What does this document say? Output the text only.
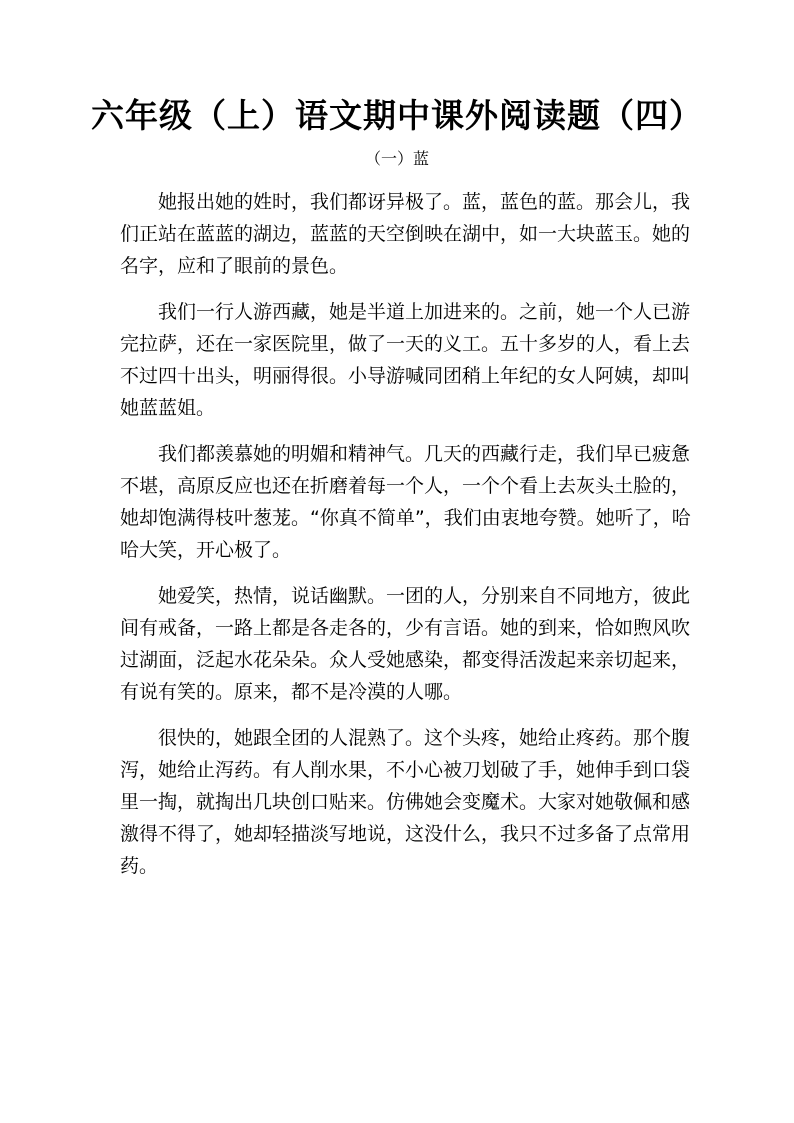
六年级（上）语文期中课外阅读题（四）
（一）蓝

她报出她的姓时，我们都讶异极了。蓝，蓝色的蓝。那会儿，我
们正站在蓝蓝的湖边，蓝蓝的天空倒映在湖中，如一大块蓝玉。她的
名字，应和了眼前的景色。

我们一行人游西藏，她是半道上加进来的。之前，她一个人已游
完拉萨，还在一家医院里，做了一天的义工。五十多岁的人，看上去
不过四十出头，明丽得很。小导游喊同团稍上年纪的女人阿姨，却叫
她蓝蓝姐。

我们都羡慕她的明媚和精神气。几天的西藏行走，我们早已疲惫
不堪，高原反应也还在折磨着每一个人，一个个看上去灰头土脸的，
她却饱满得枝叶葱茏。“你真不简单”，我们由衷地夸赞。她听了，哈
哈大笑，开心极了。

她爱笑，热情，说话幽默。一团的人，分别来自不同地方，彼此
间有戒备，一路上都是各走各的，少有言语。她的到来，恰如煦风吹
过湖面，泛起水花朵朵。众人受她感染，都变得活泼起来亲切起来，
有说有笑的。原来，都不是冷漠的人哪。

很快的，她跟全团的人混熟了。这个头疼，她给止疼药。那个腹
泻，她给止泻药。有人削水果，不小心被刀划破了手，她伸手到口袋
里一掏，就掏出几块创口贴来。仿佛她会变魔术。大家对她敬佩和感
激得不得了，她却轻描淡写地说，这没什么，我只不过多备了点常用
药。
